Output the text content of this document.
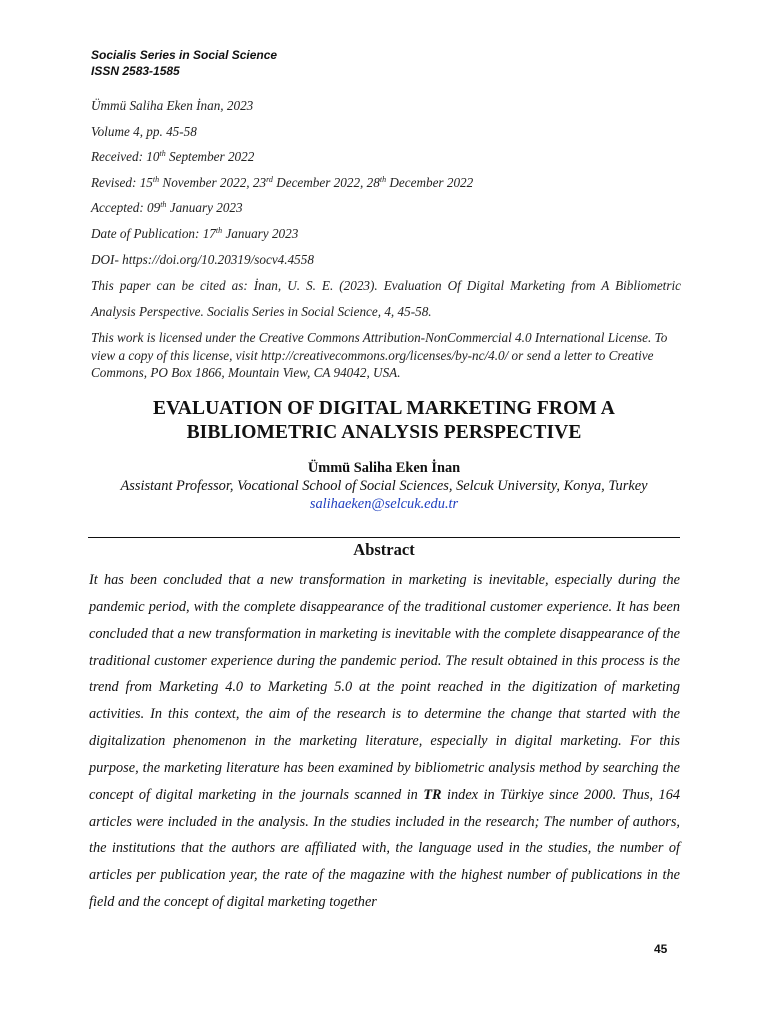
Socialis Series in Social Science
ISSN 2583-1585
Ümmü Saliha Eken İnan, 2023
Volume 4, pp. 45-58
Received: 10th September 2022
Revised: 15th November 2022, 23rd December 2022, 28th December 2022
Accepted: 09th January 2023
Date of Publication: 17th January 2023
DOI- https://doi.org/10.20319/socv4.4558
This paper can be cited as: İnan, U. S. E. (2023). Evaluation Of Digital Marketing from A Bibliometric Analysis Perspective. Socialis Series in Social Science, 4, 45-58.
This work is licensed under the Creative Commons Attribution-NonCommercial 4.0 International License. To view a copy of this license, visit http://creativecommons.org/licenses/by-nc/4.0/ or send a letter to Creative Commons, PO Box 1866, Mountain View, CA 94042, USA.
EVALUATION OF DIGITAL MARKETING FROM A
BIBLIOMETRIC ANALYSIS PERSPECTIVE
Ümmü Saliha Eken İnan
Assistant Professor, Vocational School of Social Sciences, Selcuk University, Konya, Turkey
salihaeken@selcuk.edu.tr
Abstract
It has been concluded that a new transformation in marketing is inevitable, especially during the pandemic period, with the complete disappearance of the traditional customer experience. It has been concluded that a new transformation in marketing is inevitable with the complete disappearance of the traditional customer experience during the pandemic period. The result obtained in this process is the trend from Marketing 4.0 to Marketing 5.0 at the point reached in the digitization of marketing activities. In this context, the aim of the research is to determine the change that started with the digitalization phenomenon in the marketing literature, especially in digital marketing. For this purpose, the marketing literature has been examined by bibliometric analysis method by searching the concept of digital marketing in the journals scanned in TR index in Türkiye since 2000. Thus, 164 articles were included in the analysis. In the studies included in the research; The number of authors, the institutions that the authors are affiliated with, the language used in the studies, the number of articles per publication year, the rate of the magazine with the highest number of publications in the field and the concept of digital marketing together
45
